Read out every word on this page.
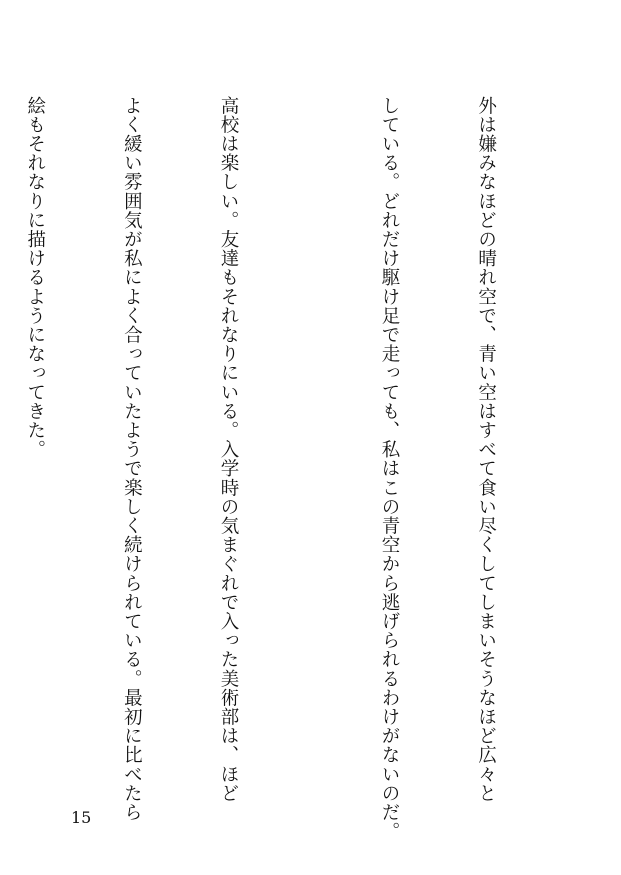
外は嫌みなほどの晴れ空で、青い空はすべて食い尽くしてしまいそうなほど広々と

している。どれだけ駆け足で走っても、私はこの青空から逃げられるわけがないのだ。

高校は楽しい。友達もそれなりにいる。入学時の気まぐれで入った美術部は、ほど

よく緩い雰囲気が私によく合っていたようで楽しく続けられている。最初に比べたら

絵もそれなりに描けるようになってきた。

15
